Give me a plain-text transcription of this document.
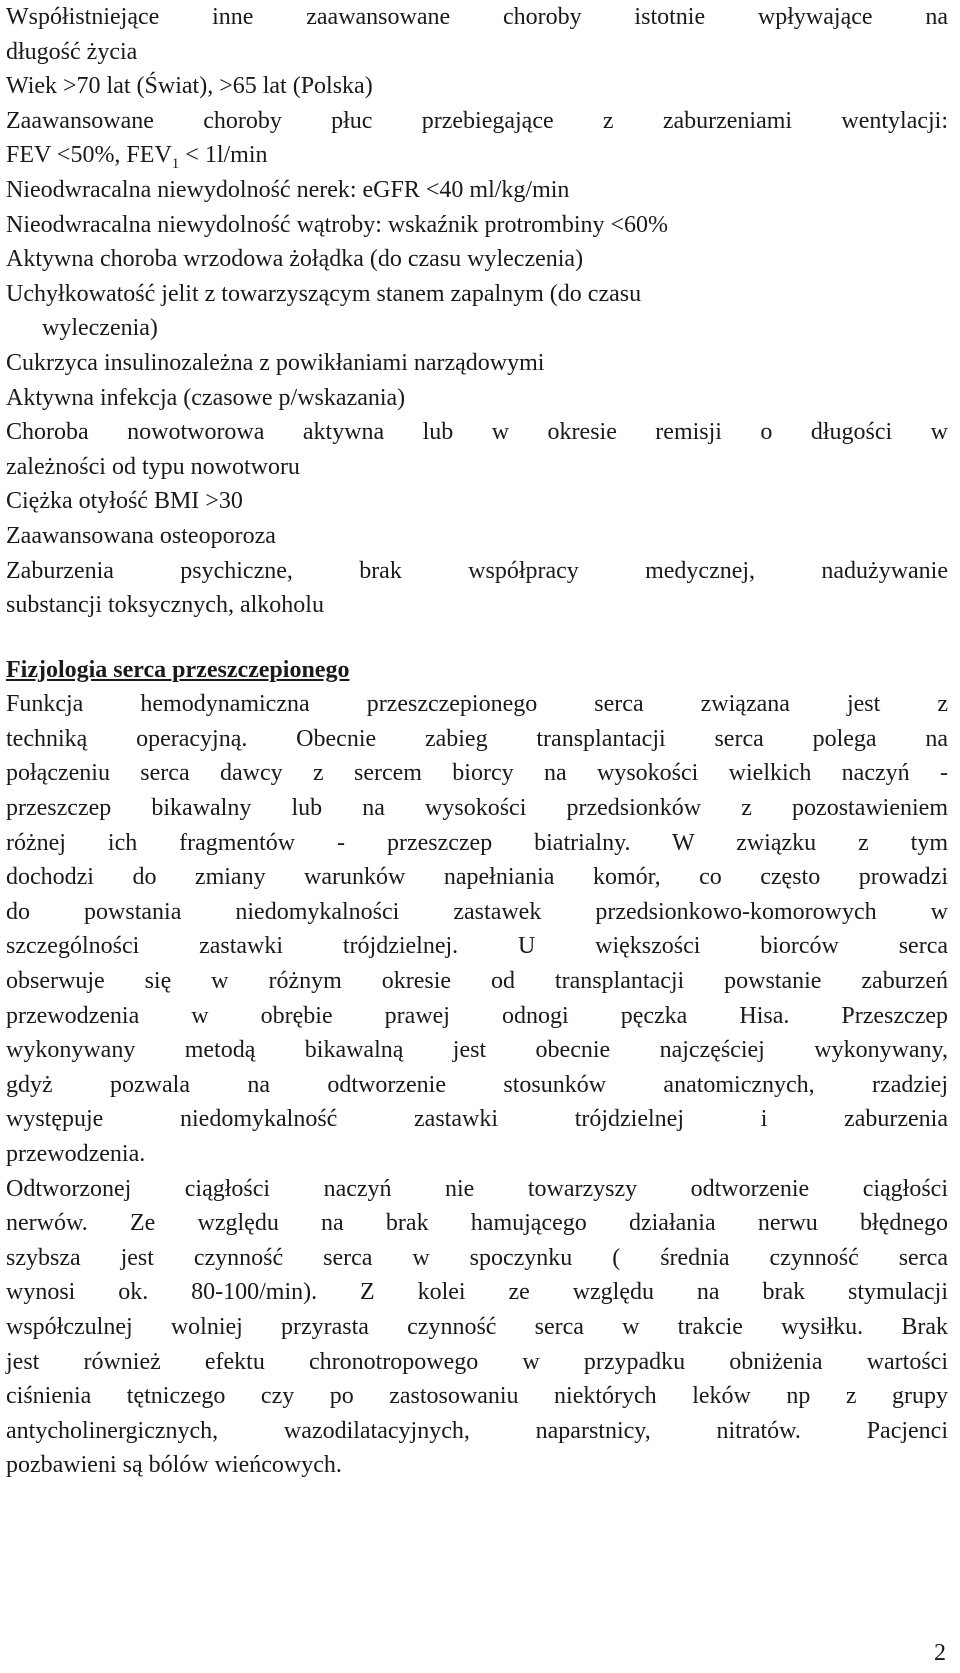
Współistniejące inne zaawansowane choroby istotnie wpływające na
długość życia
Wiek >70 lat (Świat), >65 lat (Polska)
Zaawansowane choroby płuc przebiegające z zaburzeniami wentylacji:
FEV <50%, $FEV_1 < 1l/\min$
Nieodwracalna niewydolność nerek: eGFR <40 ml/kg/min
Nieodwracalna niewydolność wątroby: wskaźnik protrombiny <60%
Aktywna choroba wrzodowa żołądka (do czasu wyleczenia)
Uchyłkowatość jelit z towarzyszącym stanem zapalnym (do czasu
wyleczenia)
Cukrzyca insulinozależna z powikłaniami narządowymi
Aktywna infekcja (czasowe p/wskazania)
Choroba nowotworowa aktywna lub w okresie remisji o długości w
zależności od typu nowotworu
Ciężka otyłość BMI >30
Zaawansowana osteoporoza
Zaburzenia psychiczne, brak współpracy medycznej, nadużywanie
substancji toksycznych, alkoholu
Fizjologia serca przeszczepionego
Funkcja hemodynamiczna przeszczepionego serca związana jest z
techniką operacyjną. Obecnie zabieg transplantacji serca polega na
połączeniu serca dawcy z sercem biorcy na wysokości wielkich naczyń -
przeszczep bikawalny lub na wysokości przedsionków z pozostawieniem
różnej ich fragmentów - przeszczep biatrialny. W związku z tym
dochodzi do zmiany warunków napełniania komór, co często prowadzi
do powstania niedomykalności zastawek przedsionkowo-komorowych w
szczególności zastawki trójdzielnej. U większości biorców serca
obserwuje się w różnym okresie od transplantacji powstanie zaburzeń
przewodzenia w obrębie prawej odnogi pęczka Hisa. Przeszczep
wykonywany metodą bikawalną jest obecnie najczęściej wykonywany,
gdyż pozwala na odtworzenie stosunków anatomicznych, rzadziej
występuje niedomykalność zastawki trójdzielnej i zaburzenia
przewodzenia.
Odtworzonej ciągłości naczyń nie towarzyszy odtworzenie ciągłości
nerwów. Ze względu na brak hamującego działania nerwu błędnego
szybsza jest czynność serca w spoczynku ( średnia czynność serca
wynosi ok. 80-100/min). Z kolei ze względu na brak stymulacji
współczulnej wolniej przyrasta czynność serca w trakcie wysiłku. Brak
jest również efektu chronotropowego w przypadku obniżenia wartości
ciśnienia tętniczego czy po zastosowaniu niektórych leków np z grupy
antycholinergicznych, wazodilatacyjnych, naparstnicy, nitratów. Pacjenci
pozbawieni są bólów wieńcowych.
2
